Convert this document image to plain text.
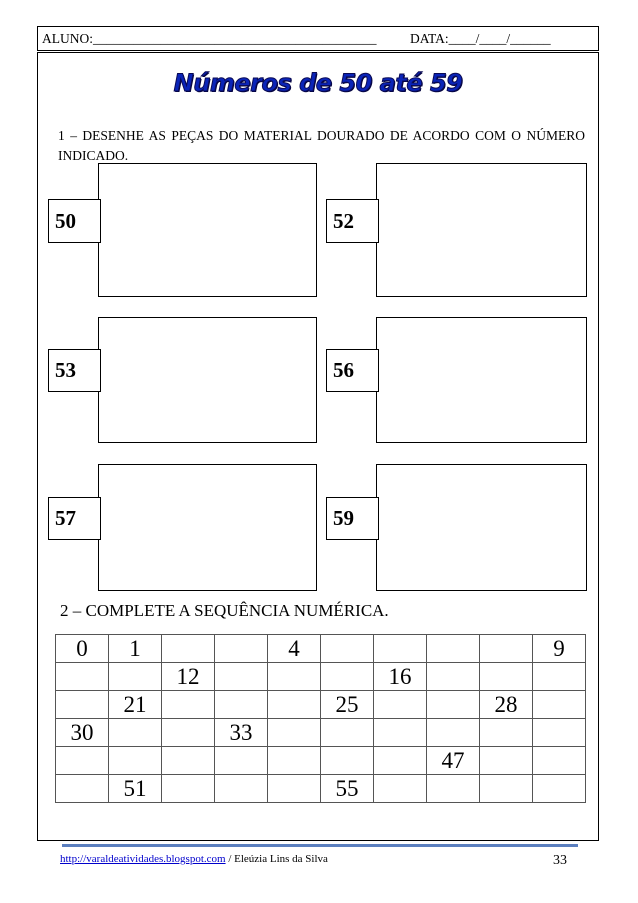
ALUNO:__________________________________________ DATA:____/____/______
Números de 50 até 59
1 – DESENHE AS PEÇAS DO MATERIAL DOURADO DE ACORDO COM O NÚMERO INDICADO.
50	52
53	56
57	59
2 – COMPLETE A SEQUÊNCIA NUMÉRICA.
0	1			4					9
		12				16			
	21				25			28	
30			33						
							47		
	51				55				
http://varaldeatividades.blogspot.com / Eleúzia Lins da Silva	33
